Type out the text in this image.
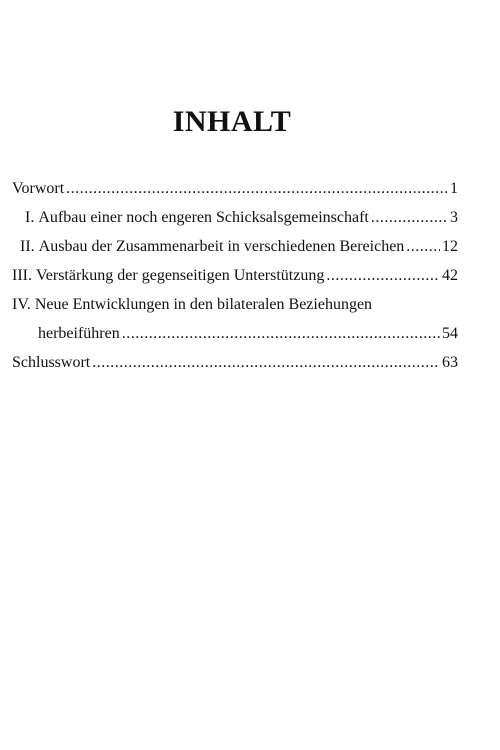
INHALT
Vorwort .....	1
I. Aufbau einer noch engeren Schicksalsgemeinschaft .....	3
II. Ausbau der Zusammenarbeit in verschiedenen Bereichen ..... 12
III. Verstärkung der gegenseitigen Unterstützung .....	42
IV. Neue Entwicklungen in den bilateralen Beziehungen
herbeiführen .....	54
Schlusswort .....	63
